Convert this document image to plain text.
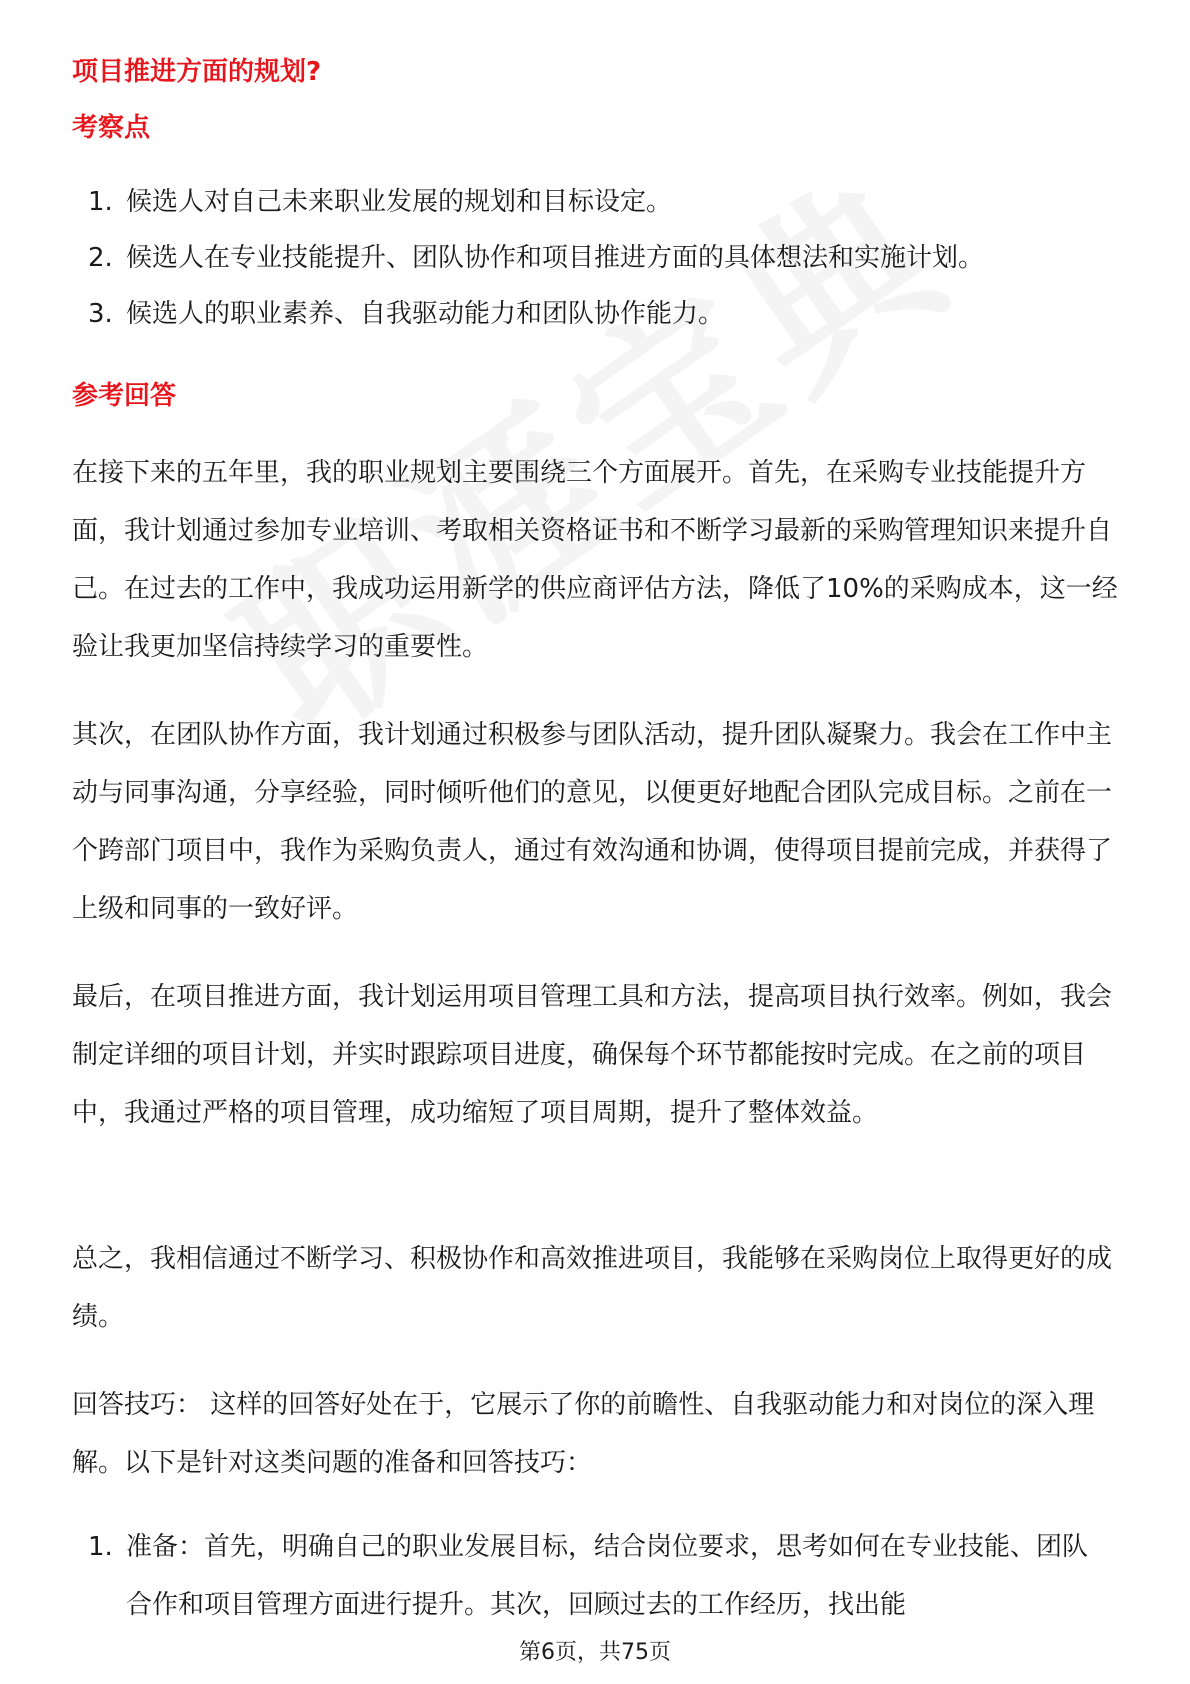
项目推进方面的规划?
考察点
1. 候选人对自己未来职业发展的规划和目标设定。
2. 候选人在专业技能提升、团队协作和项目推进方面的具体想法和实施计划。
3. 候选人的职业素养、自我驱动能力和团队协作能力。
参考回答

在接下来的五年里，我的职业规划主要围绕三个方面展开。首先，在采购专业技能提升方面，我计划通过参加专业培训、考取相关资格证书和不断学习最新的采购管理知识来提升自己。在过去的工作中，我成功运用新学的供应商评估方法，降低了10%的采购成本，这一经验让我更加坚信持续学习的重要性。

其次，在团队协作方面，我计划通过积极参与团队活动，提升团队凝聚力。我会在工作中主动与同事沟通，分享经验，同时倾听他们的意见，以便更好地配合团队完成目标。之前在一个跨部门项目中，我作为采购负责人，通过有效沟通和协调，使得项目提前完成，并获得了上级和同事的一致好评。

最后，在项目推进方面，我计划运用项目管理工具和方法，提高项目执行效率。例如，我会制定详细的项目计划，并实时跟踪项目进度，确保每个环节都能按时完成。在之前的项目中，我通过严格的项目管理，成功缩短了项目周期，提升了整体效益。

总之，我相信通过不断学习、积极协作和高效推进项目，我能够在采购岗位上取得更好的成绩。

回答技巧： 这样的回答好处在于，它展示了你的前瞻性、自我驱动能力和对岗位的深入理解。以下是针对这类问题的准备和回答技巧：

1. 准备：首先，明确自己的职业发展目标，结合岗位要求，思考如何在专业技能、团队合作和项目管理方面进行提升。其次，回顾过去的工作经历，找出能
第6页，共75页
